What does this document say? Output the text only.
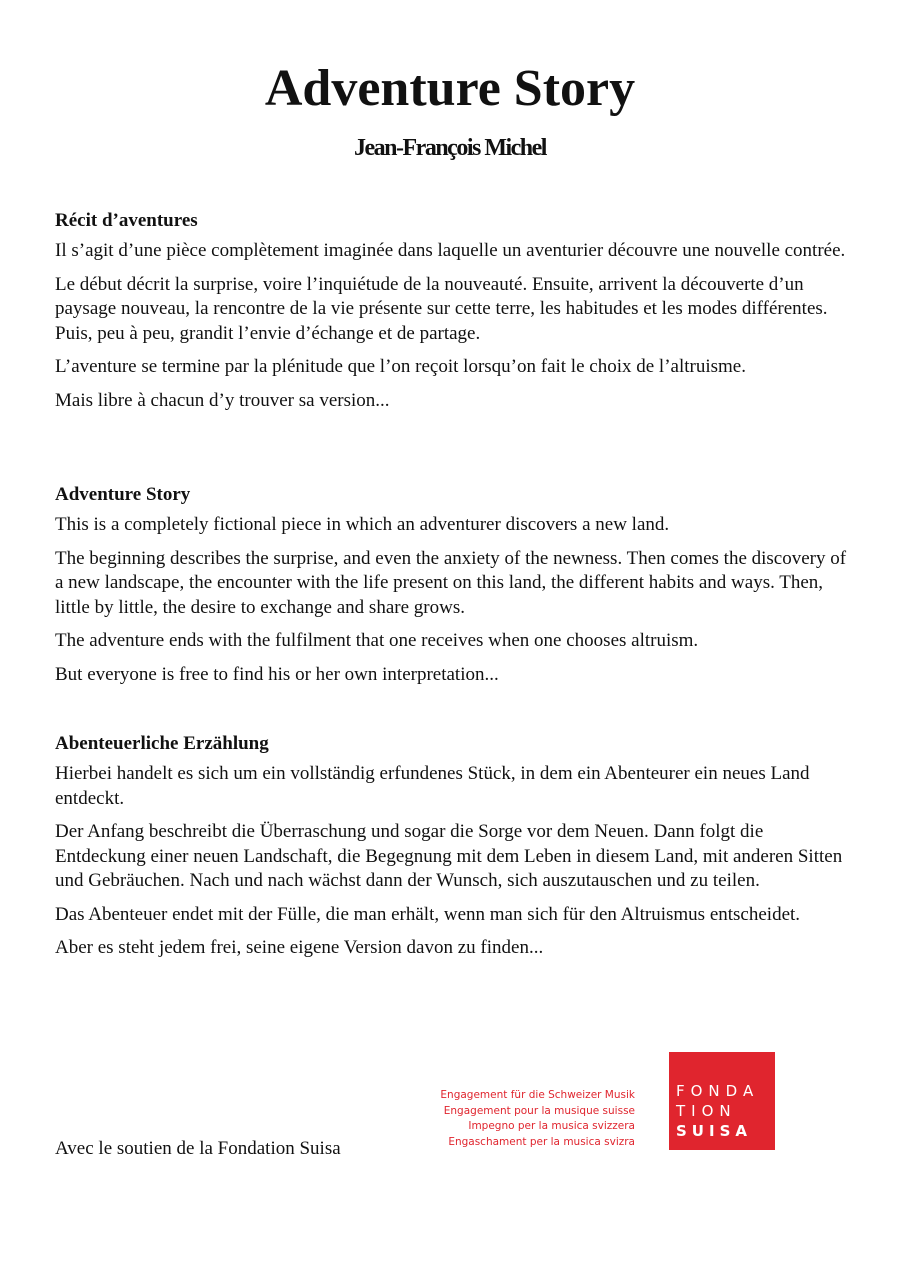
Adventure Story
Jean-François Michel
Récit d’aventures

Il s’agit d’une pièce complètement imaginée dans laquelle un aventurier découvre une nouvelle contrée.

Le début décrit la surprise, voire l’inquiétude de la nouveauté. Ensuite, arrivent la découverte d’un paysage nouveau, la rencontre de la vie présente sur cette terre, les habitudes et les modes différentes. Puis, peu à peu, grandit l’envie d’échange et de partage.

L’aventure se termine par la plénitude que l’on reçoit lorsqu’on fait le choix de l’altruisme.

Mais libre à chacun d’y trouver sa version...

Adventure Story

This is a completely fictional piece in which an adventurer discovers a new land.

The beginning describes the surprise, and even the anxiety of the newness. Then comes the discovery of a new landscape, the encounter with the life present on this land, the different habits and ways. Then, little by little, the desire to exchange and share grows.

The adventure ends with the fulfilment that one receives when one chooses altruism.

But everyone is free to find his or her own interpretation...

Abenteuerliche Erzählung

Hierbei handelt es sich um ein vollständig erfundenes Stück, in dem ein Abenteurer ein neues Land entdeckt.

Der Anfang beschreibt die Überraschung und sogar die Sorge vor dem Neuen. Dann folgt die Entdeckung einer neuen Landschaft, die Begegnung mit dem Leben in diesem Land, mit anderen Sitten und Gebräuchen. Nach und nach wächst dann der Wunsch, sich auszutauschen und zu teilen.

Das Abenteuer endet mit der Fülle, die man erhält, wenn man sich für den Altruismus entscheidet.

Aber es steht jedem frei, seine eigene Version davon zu finden...

Avec le soutien de la Fondation Suisa
Engagement für die Schweizer Musik
Engagement pour la musique suisse
Impegno per la musica svizzera
Engaschament per la musica svizra
FONDA
TION
SUISA
